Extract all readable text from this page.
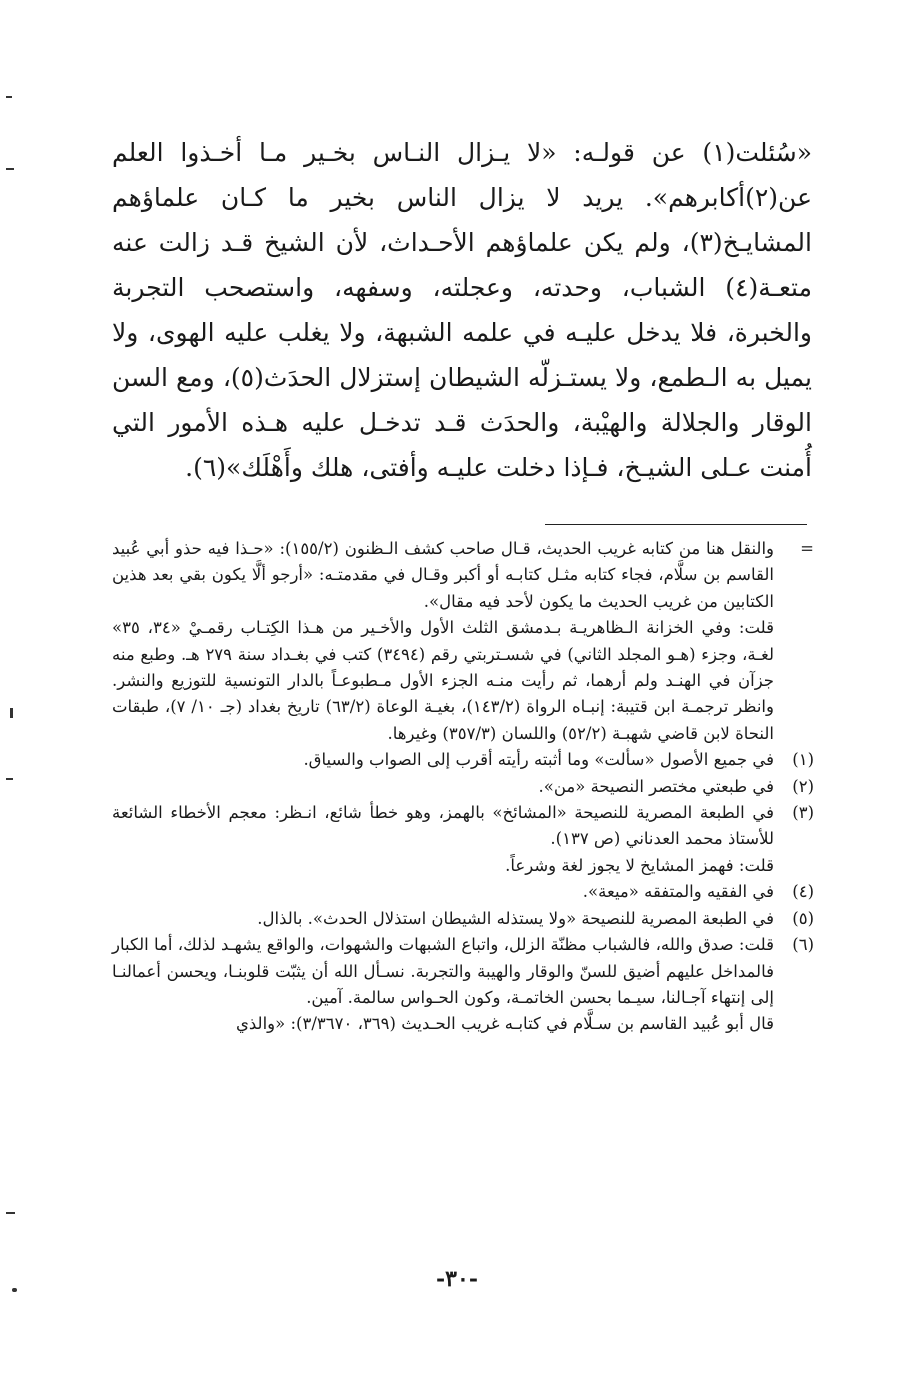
«سُئلت(١) عن قولـه: «لا يـزال النـاس بخـير مـا أخـذوا العلم عن(٢)أكابرهم». يريد لا يزال الناس بخير ما كـان علماؤهم المشايـخ(٣)، ولم يكن علماؤهم الأحـداث، لأن الشيخ قـد زالت عنه متعـة(٤) الشباب، وحدته، وعجلته، وسفهه، واستصحب التجربة والخبرة، فلا يدخل عليـه في علمه الشبهة، ولا يغلب عليه الهوى، ولا يميل به الـطمع، ولا يستـزلّه الشيطان إستزلال الحدَث(٥)، ومع السن الوقار والجلالة والهيْبة، والحدَث قـد تدخـل عليه هـذه الأمور التي أُمنت عـلى الشيـخ، فـإذا دخلت عليـه وأفتى، هلك وأَهْلَك»(٦).

=
والنقل هنا من كتابه غريب الحديث، قـال صاحب كشف الـظنون (١٥٥/٢): «حـذا فيه حذو أبي عُبيد القاسم بن سلَّام، فجاء كتابه مثـل كتابـه أو أكبر وقـال في مقدمتـه: «أرجو ألَّا يكون بقي بعد هذين الكتابين من غريب الحديث ما يكون لأحد فيه مقال».
قلت: وفي الخزانة الـظاهريـة بـدمشق الثلث الأول والأخـير من هـذا الكِتـاب رقمـيْ «٣٤، ٣٥» لغـة، وجزء (هـو المجلد الثاني) في شسـتربتي رقم (٣٤٩٤) كتب في بغـداد سنة ٢٧٩ هـ. وطبع منه جزآن في الهنـد ولم أرهما، ثم رأيت منـه الجزء الأول مـطبوعـاً بالدار التونسية للتوزيع والنشر. وانظر ترجمـة ابن قتيبة: إنبـاه الرواة (١٤٣/٢)، بغيـة الوعاة (٦٣/٢) تاريخ بغداد (جـ ١٠/ ٧)، طبقات النحاة لابن قاضي شهبـة (٥٢/٢) واللسان (٣٥٧/٣) وغيرها.
(١)
في جميع الأصول «سألت» وما أثبته رأيته أقرب إلى الصواب والسياق.
(٢)
في طبعتي مختصر النصيحة «من».
(٣)
في الطبعة المصرية للنصيحة «المشائخ» بالهمز، وهو خطأ شائع، انـظر: معجم الأخطاء الشائعة للأستاذ محمد العدناني (ص ١٣٧).
قلت: فهمز المشايخ لا يجوز لغة وشرعاً.
(٤)
في الفقيه والمتفقه «ميعة».
(٥)
في الطبعة المصرية للنصيحة «ولا يستذله الشيطان استذلال الحدث». بالذال.
(٦)
قلت: صدق والله، فالشباب مظنّة الزلل، واتباع الشبهات والشهوات، والواقع يشهـد لذلك، أما الكبار فالمداخل عليهم أضيق للسنّ والوقار والهيبة والتجربة. نسـأل الله أن يثبّت قلوبنـا، ويحسن أعمالنـا إلى إنتهاء آجـالنا، سيـما بحسن الخاتمـة، وكون الحـواس سالمة. آمين.
قال أبو عُبيد القاسم بن سـلَّام في كتابـه غريب الحـديث (٣٦٩، ٣/٣٦٧٠): «والذي
-٣٠-
